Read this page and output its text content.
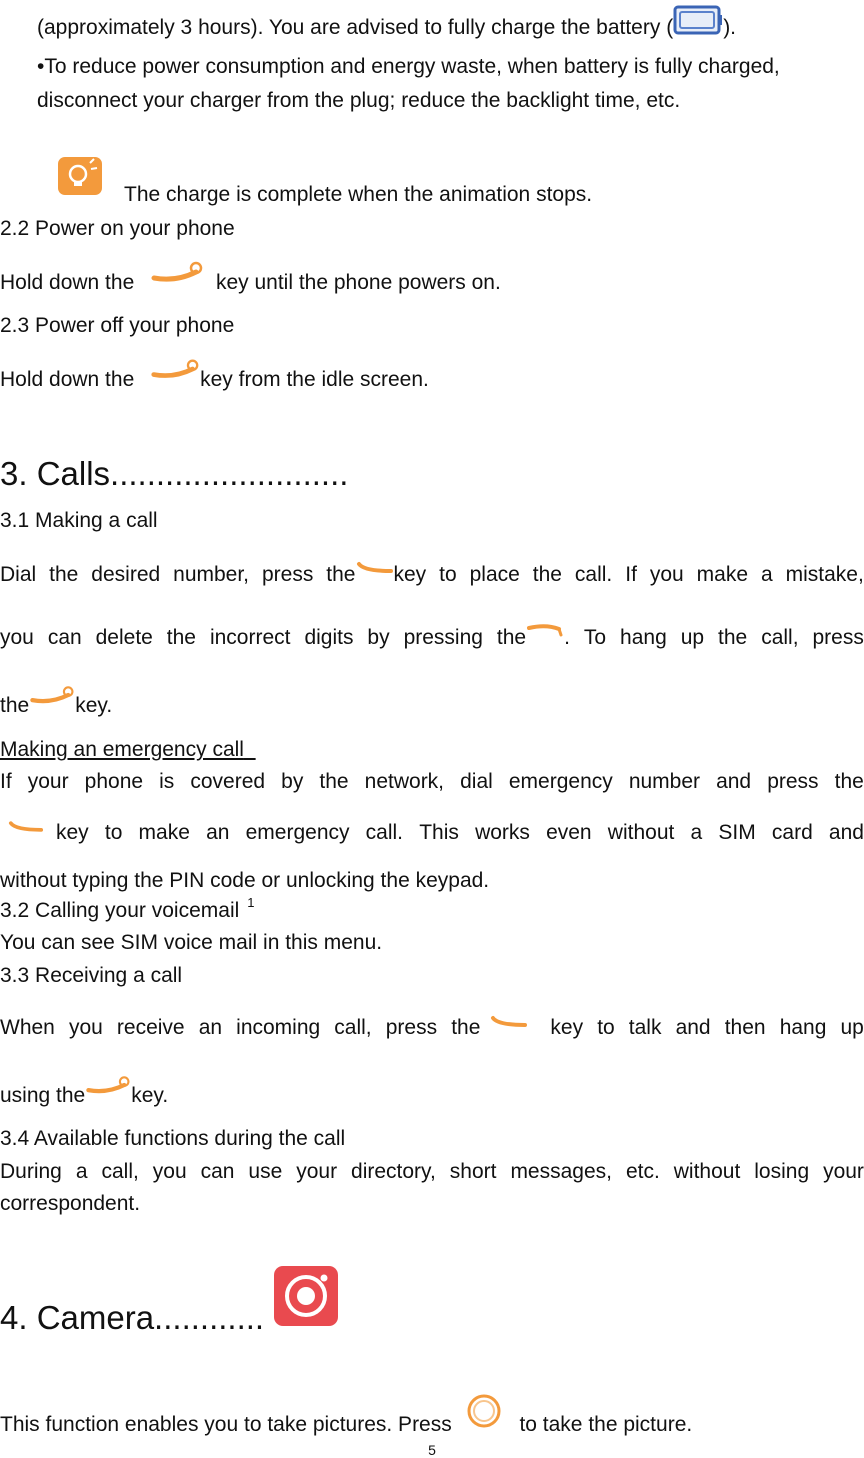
(approximately 3 hours). You are advised to fully charge the battery ( ).
•To reduce power consumption and energy waste, when battery is fully charged,
disconnect your charger from the plug; reduce the backlight time, etc.
The charge is complete when the animation stops.
2.2 Power on your phone
Hold down the	key until the phone powers on.
2.3 Power off your phone
Hold down the	key from the idle screen.
3. Calls..........................
3.1 Making a call
Dial the desired number, press the key to place the call. If you make a mistake,
you can delete the incorrect digits by pressing the . To hang up the call, press
the key.
Making an emergency call
If your phone is covered by the network, dial emergency number and press the
key to make an emergency call. This works even without a SIM card and
without typing the PIN code or unlocking the keypad.
3.2 Calling your voicemail $^1$
You can see SIM voice mail in this menu.
3.3 Receiving a call
When you receive an incoming call, press the	key to talk and then hang up
using the key.
3.4 Available functions during the call
During a call, you can use your directory, short messages, etc. without losing your
correspondent.
4. Camera............
This function enables you to take pictures. Press	to take the picture.
5
